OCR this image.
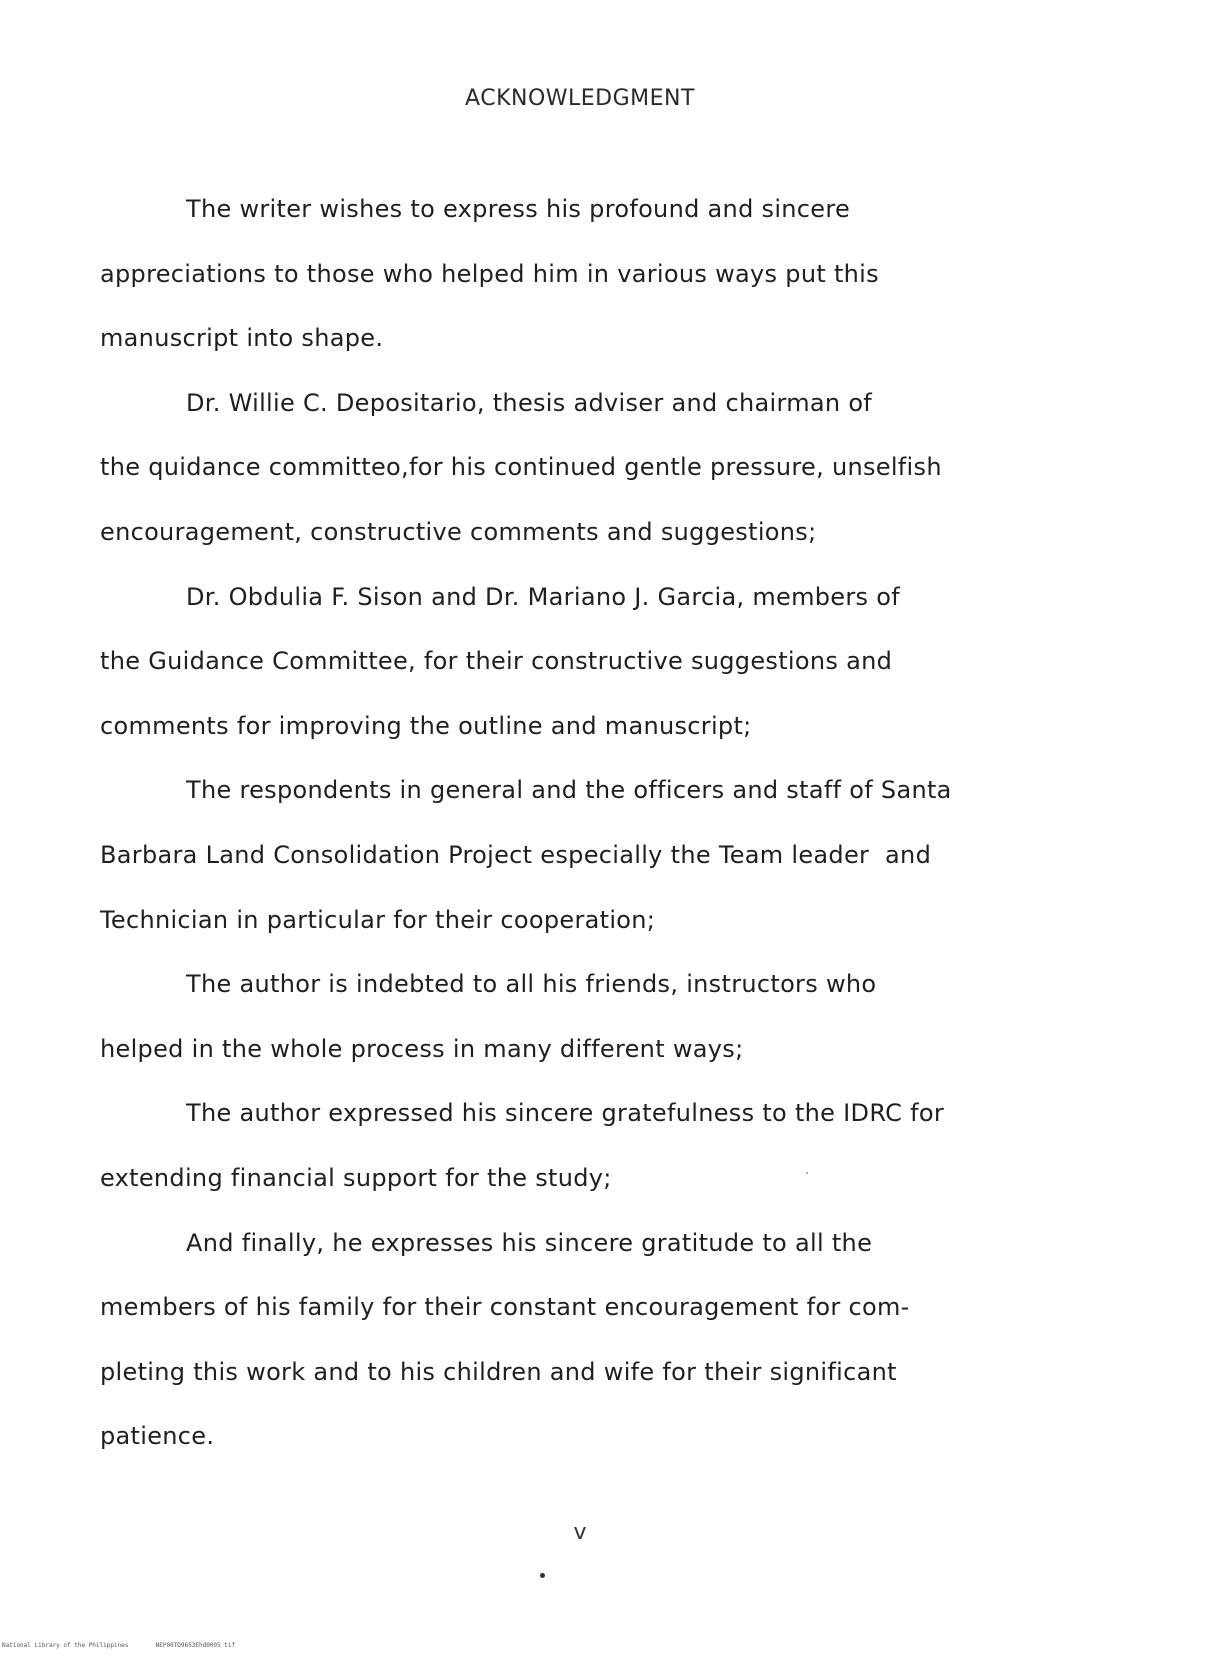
ACKNOWLEDGMENT
The writer wishes to express his profound and sincere
appreciations to those who helped him in various ways put this
manuscript into shape.
Dr. Willie C. Depositario, thesis adviser and chairman of
the quidance committeo,for his continued gentle pressure, unselfish
encouragement, constructive comments and suggestions;
Dr. Obdulia F. Sison and Dr. Mariano J. Garcia, members of
the Guidance Committee, for their constructive suggestions and
comments for improving the outline and manuscript;
The respondents in general and the officers and staff of Santa
Barbara Land Consolidation Project especially the Team leader  and
Technician in particular for their cooperation;
The author is indebted to all his friends, instructors who
helped in the whole process in many different ways;
The author expressed his sincere gratefulness to the IDRC for
extending financial support for the study;
And finally, he expresses his sincere gratitude to all the
members of his family for their constant encouragement for com-
pleting this work and to his children and wife for their significant
patience.
v
National Library of the Philippines	NEP00TD9653Ehd0005 tif
